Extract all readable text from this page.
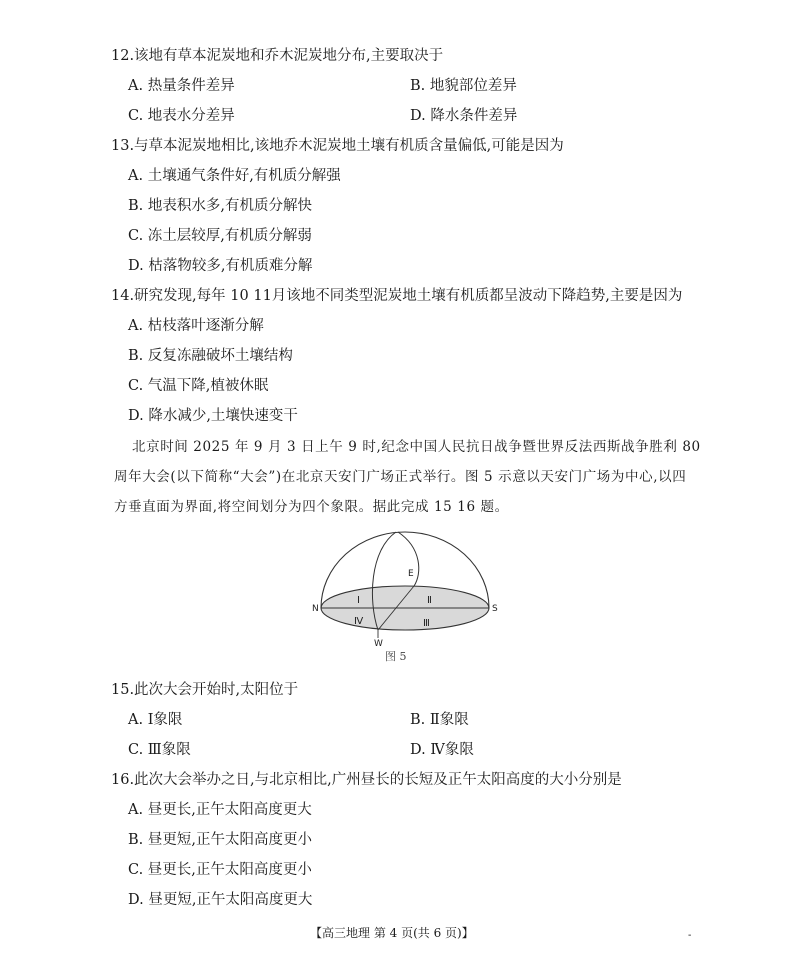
12.该地有草本泥炭地和乔木泥炭地分布,主要取决于
A. 热量条件差异	B. 地貌部位差异
C. 地表水分差异	D. 降水条件差异
13.与草本泥炭地相比,该地乔木泥炭地土壤有机质含量偏低,可能是因为
A. 土壤通气条件好,有机质分解强
B. 地表积水多,有机质分解快
C. 冻土层较厚,有机质分解弱
D. 枯落物较多,有机质难分解
14.研究发现,每年 10 11月该地不同类型泥炭地土壤有机质都呈波动下降趋势,主要是因为
A. 枯枝落叶逐渐分解
B. 反复冻融破坏土壤结构
C. 气温下降,植被休眠
D. 降水减少,土壤快速变干
北京时间 2025 年 9 月 3 日上午 9 时,纪念中国人民抗日战争暨世界反法西斯战争胜利 80
周年大会(以下简称“大会”)在北京天安门广场正式举行。图 5 示意以天安门广场为中心,以四
方垂直面为界面,将空间划分为四个象限。据此完成 15 16 题。
E
N	S
W
Ⅰ	Ⅱ
Ⅲ
Ⅳ
图 5
15.此次大会开始时,太阳位于
A. Ⅰ象限	B. Ⅱ象限
C. Ⅲ象限	D. Ⅳ象限
16.此次大会举办之日,与北京相比,广州昼长的长短及正午太阳高度的大小分别是
A. 昼更长,正午太阳高度更大
B. 昼更短,正午太阳高度更小
C. 昼更长,正午太阳高度更小
D. 昼更短,正午太阳高度更大
【高三地理 第 4 页(共 6 页)】	-
